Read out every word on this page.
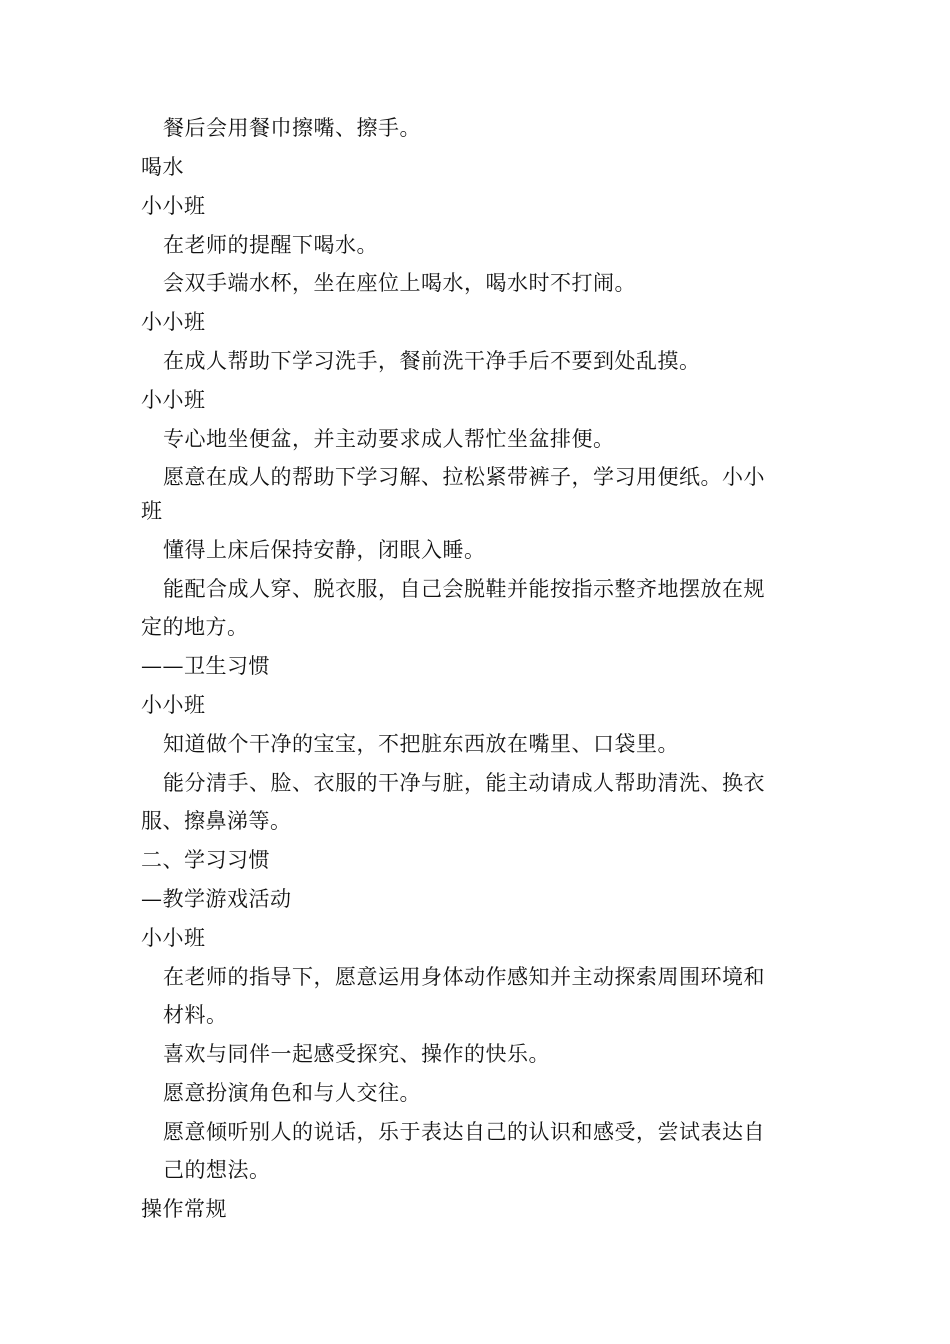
餐后会用餐巾擦嘴、擦手。
喝水
小小班
在老师的提醒下喝水。
会双手端水杯，坐在座位上喝水，喝水时不打闹。
小小班
在成人帮助下学习洗手，餐前洗干净手后不要到处乱摸。
小小班
专心地坐便盆，并主动要求成人帮忙坐盆排便。
愿意在成人的帮助下学习解、拉松紧带裤子，学习用便纸。小小
班
懂得上床后保持安静，闭眼入睡。
能配合成人穿、脱衣服，自己会脱鞋并能按指示整齐地摆放在规
定的地方。
——卫生习惯
小小班
知道做个干净的宝宝，不把脏东西放在嘴里、口袋里。
能分清手、脸、衣服的干净与脏，能主动请成人帮助清洗、换衣
服、擦鼻涕等。
二、学习习惯
—教学游戏活动
小小班
在老师的指导下，愿意运用身体动作感知并主动探索周围环境和
材料。
喜欢与同伴一起感受探究、操作的快乐。
愿意扮演角色和与人交往。
愿意倾听别人的说话，乐于表达自己的认识和感受，尝试表达自
己的想法。
操作常规
